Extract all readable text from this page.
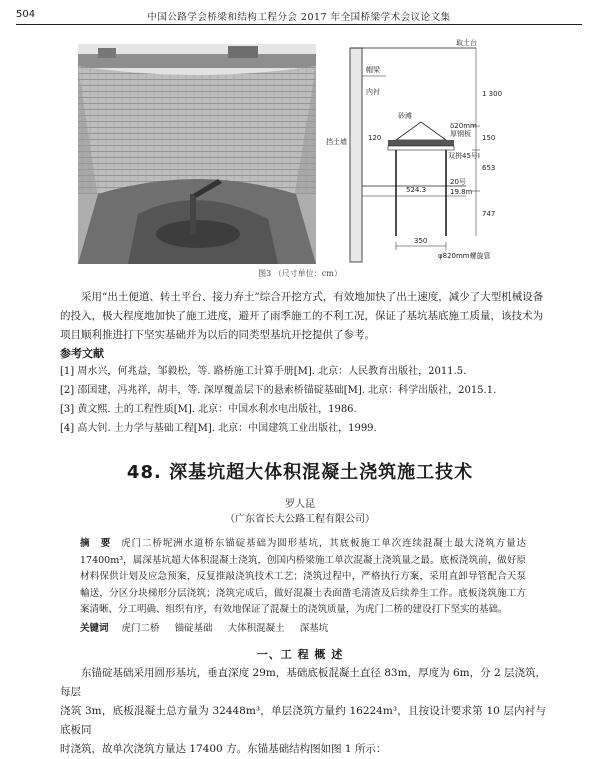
504	中国公路学会桥梁和结构工程分会 2017 年全国桥梁学术会议论文集
取土台
帽梁
内衬
砂滩
δ20mm
厚钢板
挡土墙	120
双拼45号I
20号
1 300
150
653
19.8m
524.3
747
350
φ820mm螺旋管
图3 （尺寸单位：cm）
采用“出土便道、转土平台、接力弃土”综合开挖方式，有效地加快了出土速度，减少了大型机械设备
的投入，极大程度地加快了施工进度，避开了雨季施工的不利工况，保证了基坑基底施工质量，该技术为
项目顺利推进打下坚实基础并为以后的同类型基坑开挖提供了参考。
参考文献
[1] 周水兴，何兆益，邹毅松，等. 路桥施工计算手册[M]. 北京：人民教育出版社，2011.5.
[2] 邵国建，冯兆祥，胡丰，等. 深厚覆盖层下的悬索桥锚碇基础[M]. 北京：科学出版社，2015.1.
[3] 黄文熙. 土的工程性质[M]. 北京：中国水利水电出版社，1986.
[4] 高大钊. 土力学与基础工程[M]. 北京：中国建筑工业出版社，1999.
48. 深基坑超大体积混凝土浇筑施工技术
罗人昆
（广东省长大公路工程有限公司）
摘　要 虎门二桥坭洲水道桥东锚碇基础为圆形基坑，其底板施工单次连续混凝土最大浇筑方量达17400m³，属深基坑超大体积混凝土浇筑，创国内桥梁施工单次混凝土浇筑量之最。底板浇筑前，做好原材料保供计划及应急预案，反复推敲浇筑技术工艺；浇筑过程中，严格执行方案，采用直卸导管配合天泵輸送，分区分块梯形分层浇筑；浇筑完成后，做好混凝土表面凿毛清渣及后续养生工作。底板浇筑施工方案清晰、分工明确、组织有序，有效地保证了混凝土的浇筑质量，为虎门二桥的建设打下坚实的基础。
关键词 虎门二桥 锚碇基础 大体积混凝土 深基坑
一、工 程 概 述
东锚碇基础采用圆形基坑，垂直深度 29m，基础底板混凝土直径 83m，厚度为 6m，分 2 层浇筑，每层
浇筑 3m，底板混凝土总方量为 32448m³，单层浇筑方量约 16224m³，且按设计要求第 10 层内衬与底板同
时浇筑，故单次浇筑方量达 17400 方。东锚基础结构图如图 1 所示：
